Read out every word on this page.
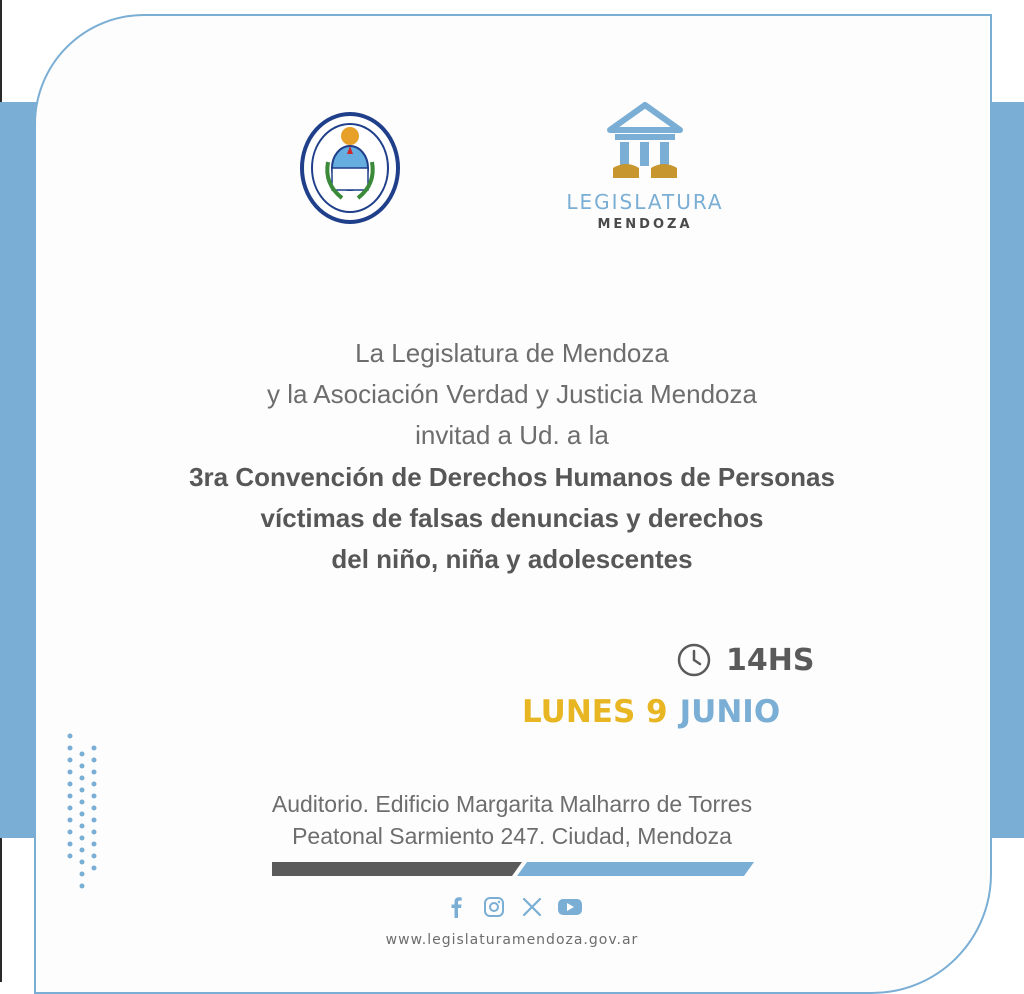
LEGISLATURA
MENDOZA
La Legislatura de Mendoza
y la Asociación Verdad y Justicia Mendoza
invitad a Ud. a la
3ra Convención de Derechos Humanos de Personas
víctimas de falsas denuncias y derechos
del niño, niña y adolescentes
14HS
LUNES 9 JUNIO
Auditorio. Edificio Margarita Malharro de Torres
Peatonal Sarmiento 247. Ciudad, Mendoza
www.legislaturamendoza.gov.ar
